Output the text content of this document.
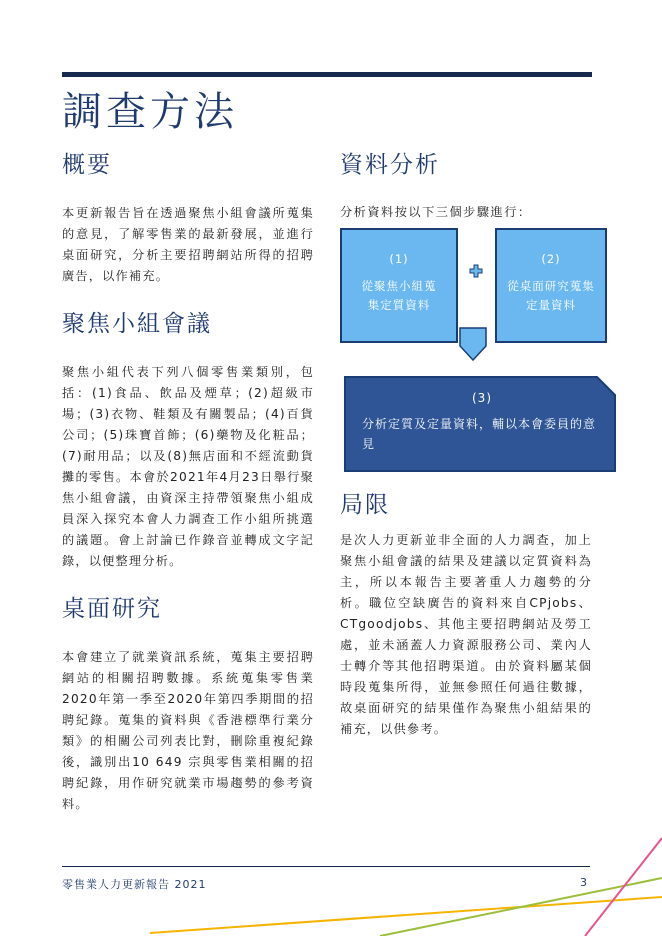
調查方法
概要

本更新報告旨在透過聚焦小組會議所蒐集的意見，了解零售業的最新發展，並進行桌面研究，分析主要招聘網站所得的招聘廣告，以作補充。

聚焦小組會議

聚焦小組代表下列八個零售業類別，包括：(1)食品、飲品及煙草；(2)超級市場；(3)衣物、鞋類及有關製品；(4)百貨公司；(5)珠寶首飾；(6)藥物及化粧品；(7)耐用品；以及(8)無店面和不經流動貨攤的零售。本會於2021年4月23日舉行聚焦小組會議，由資深主持帶領聚焦小組成員深入探究本會人力調查工作小組所挑選的議題。會上討論已作錄音並轉成文字記錄，以便整理分析。

桌面研究

本會建立了就業資訊系統，蒐集主要招聘網站的相關招聘數據。系統蒐集零售業2020年第一季至2020年第四季期間的招聘紀錄。蒐集的資料與《香港標準行業分類》的相關公司列表比對，刪除重複紀錄後，識別出10 649 宗與零售業相關的招聘紀錄，用作研究就業市場趨勢的參考資料。

資料分析
分析資料按以下三個步驟進行：
(1)
從聚焦小組蒐集定質資料
(2)
從桌面研究蒐集定量資料
(3)
分析定質及定量資料，輔以本會委員的意見
局限

是次人力更新並非全面的人力調查，加上聚焦小組會議的結果及建議以定質資料為主，所以本報告主要著重人力趨勢的分析。職位空缺廣告的資料來自CPjobs、CTgoodjobs、其他主要招聘網站及勞工處，並未涵蓋人力資源服務公司、業內人士轉介等其他招聘渠道。由於資料屬某個時段蒐集所得，並無參照任何過往數據，故桌面研究的結果僅作為聚焦小組結果的補充，以供參考。

零售業人力更新報告 2021	3
